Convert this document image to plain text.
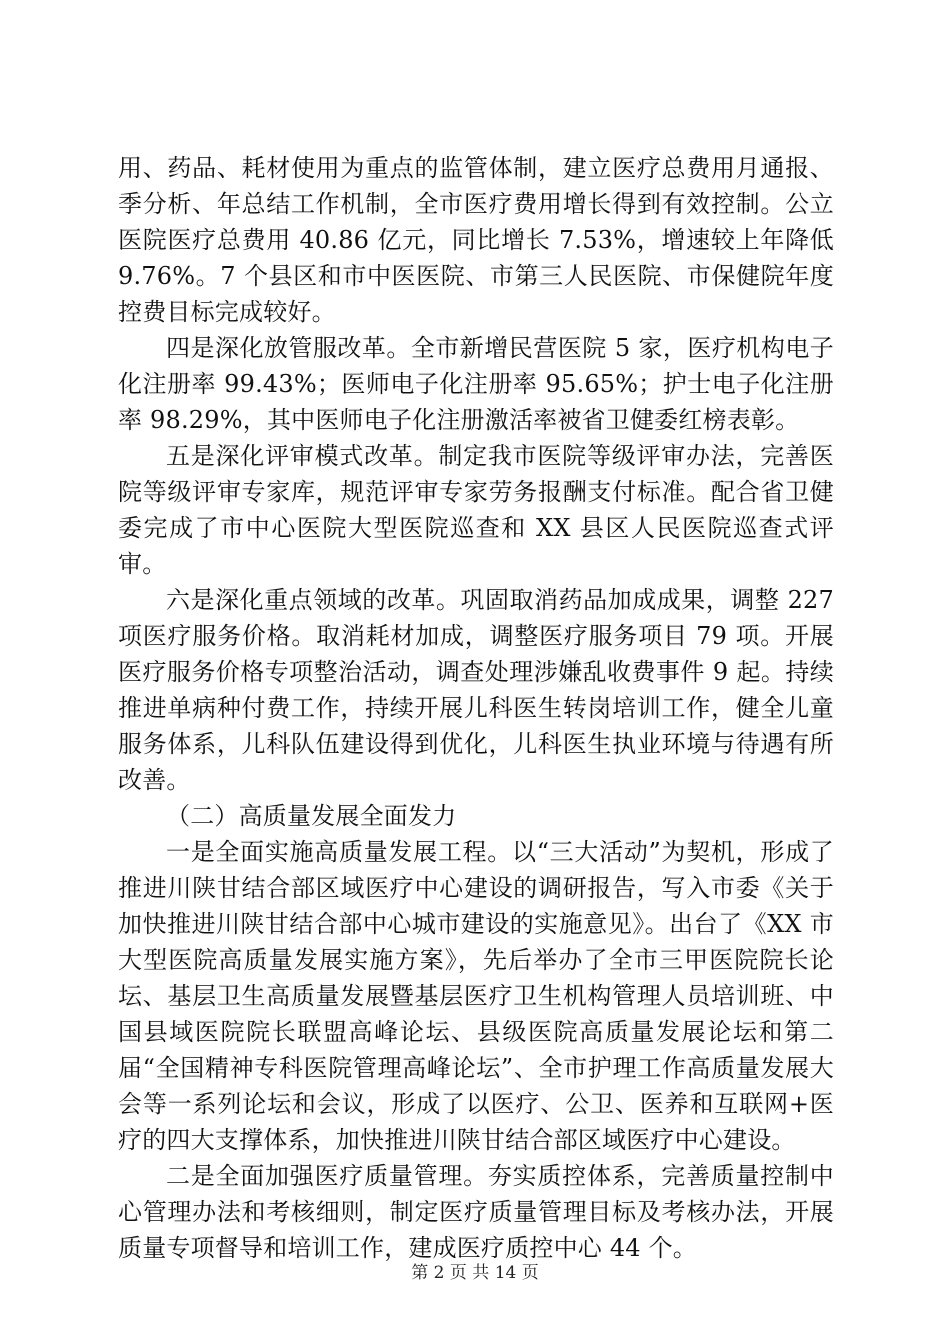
用、药品、耗材使用为重点的监管体制，建立医疗总费用月通报、季分析、年总结工作机制，全市医疗费用增长得到有效控制。公立医院医疗总费用 40.86 亿元，同比增长 7.53%，增速较上年降低 9.76%。7 个县区和市中医医院、市第三人民医院、市保健院年度控费目标完成较好。

四是深化放管服改革。全市新增民营医院 5 家，医疗机构电子化注册率 99.43%；医师电子化注册率 95.65%；护士电子化注册率 98.29%，其中医师电子化注册激活率被省卫健委红榜表彰。

五是深化评审模式改革。制定我市医院等级评审办法，完善医院等级评审专家库，规范评审专家劳务报酬支付标准。配合省卫健委完成了市中心医院大型医院巡查和 XX 县区人民医院巡查式评审。

六是深化重点领域的改革。巩固取消药品加成成果，调整 227 项医疗服务价格。取消耗材加成，调整医疗服务项目 79 项。开展医疗服务价格专项整治活动，调查处理涉嫌乱收费事件 9 起。持续推进单病种付费工作，持续开展儿科医生转岗培训工作，健全儿童服务体系，儿科队伍建设得到优化，儿科医生执业环境与待遇有所改善。

（二）高质量发展全面发力

一是全面实施高质量发展工程。以“三大活动”为契机，形成了推进川陕甘结合部区域医疗中心建设的调研报告，写入市委《关于加快推进川陕甘结合部中心城市建设的实施意见》。出台了《XX 市大型医院高质量发展实施方案》，先后举办了全市三甲医院院长论坛、基层卫生高质量发展暨基层医疗卫生机构管理人员培训班、中国县域医院院长联盟高峰论坛、县级医院高质量发展论坛和第二届“全国精神专科医院管理高峰论坛”、全市护理工作高质量发展大会等一系列论坛和会议，形成了以医疗、公卫、医养和互联网+医疗的四大支撑体系，加快推进川陕甘结合部区域医疗中心建设。

二是全面加强医疗质量管理。夯实质控体系，完善质量控制中心管理办法和考核细则，制定医疗质量管理目标及考核办法，开展质量专项督导和培训工作，建成医疗质控中心 44 个。

第 2 页 共 14 页
